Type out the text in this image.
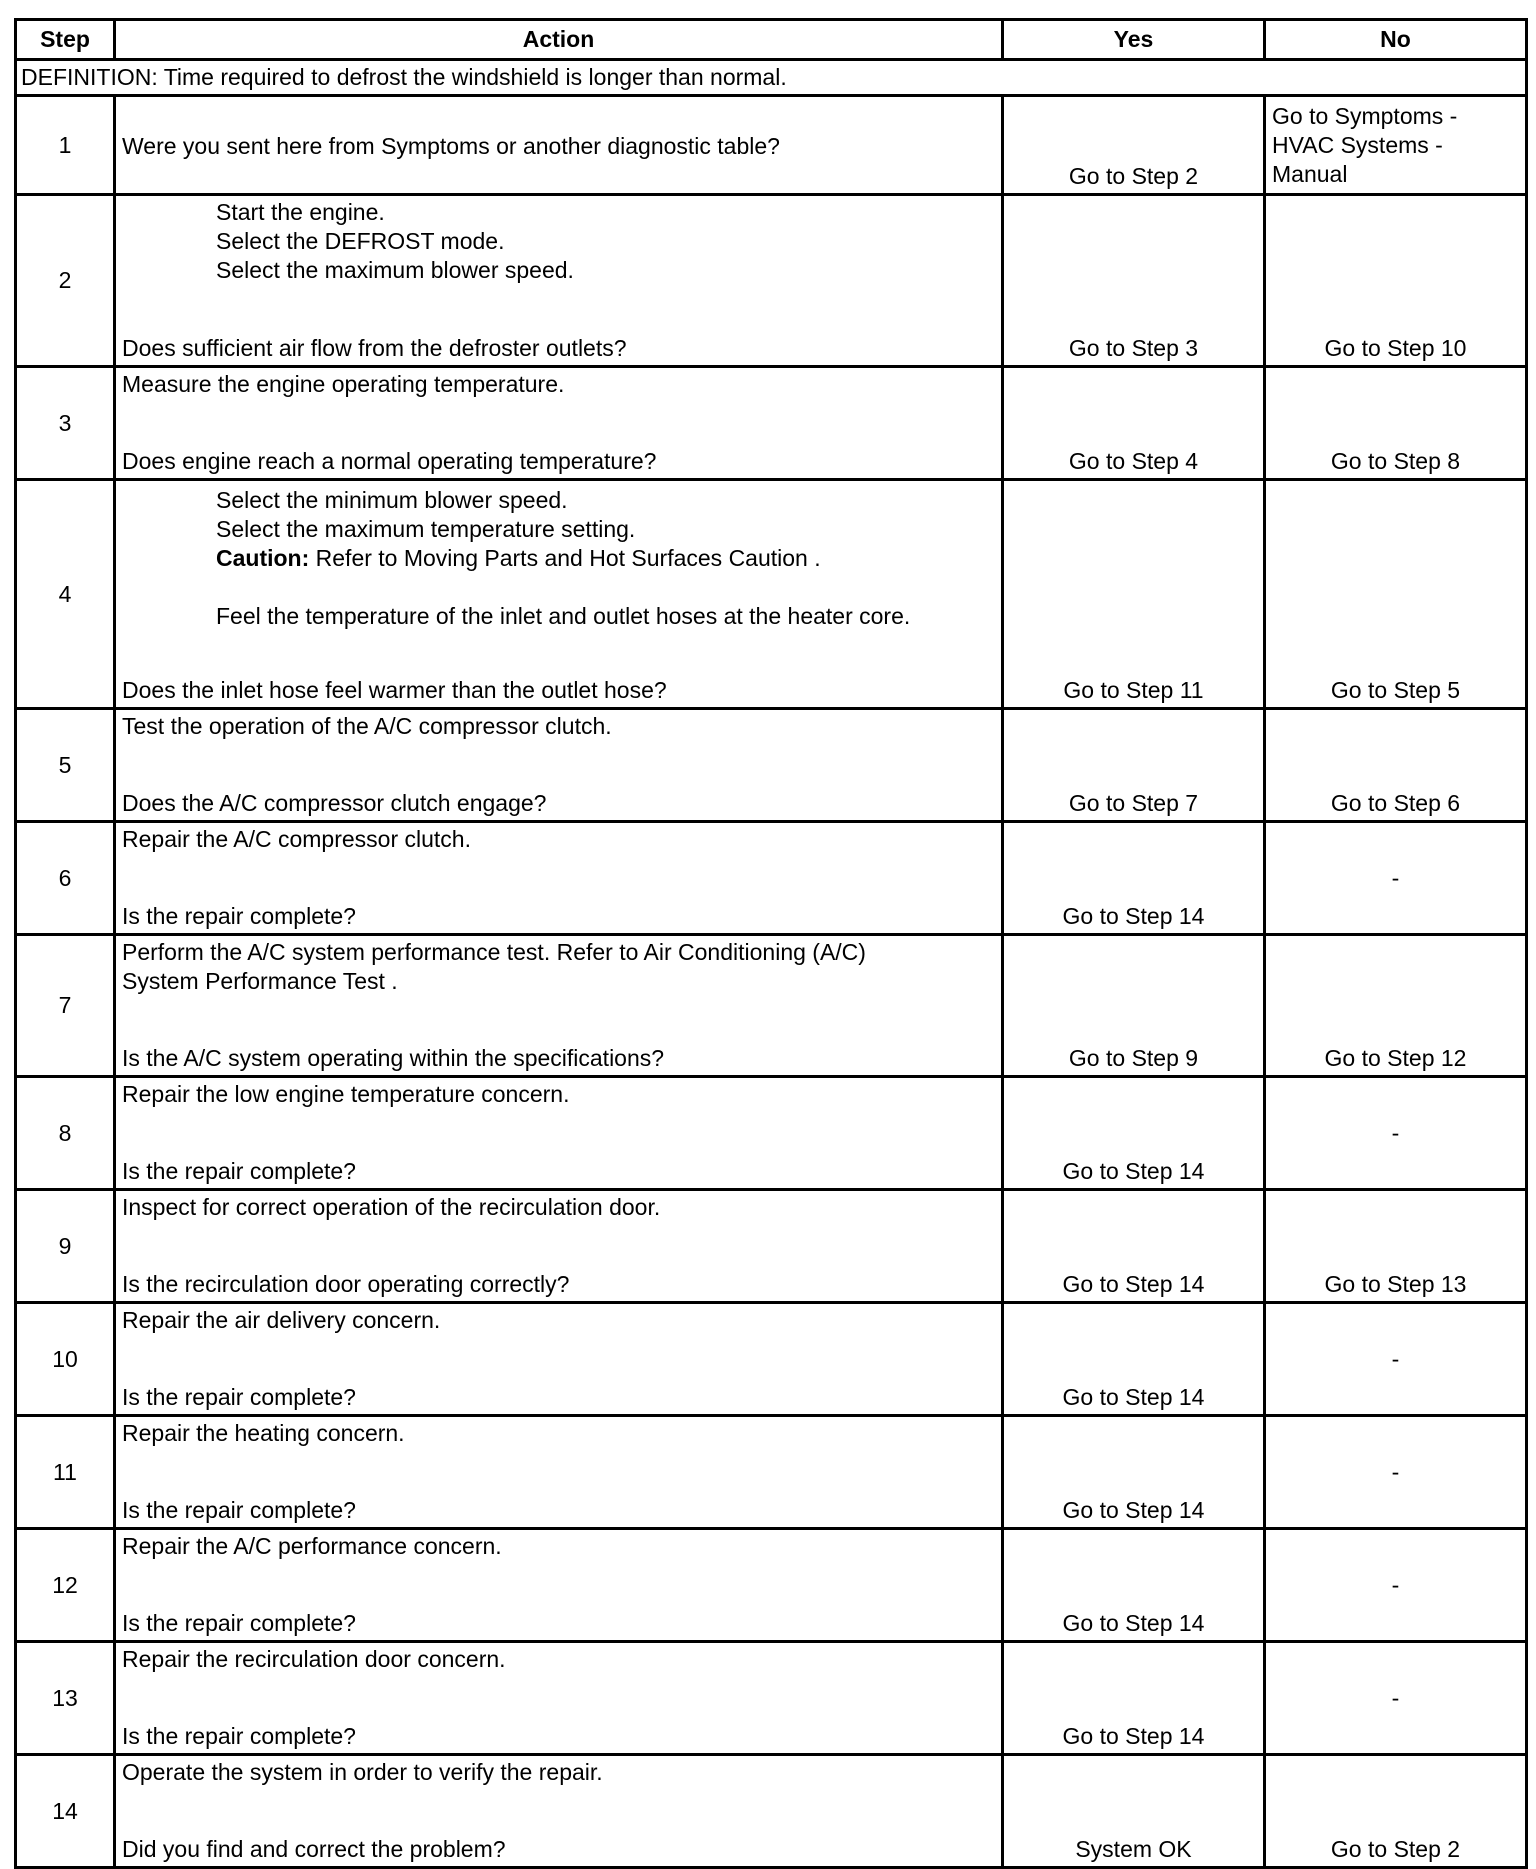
Step	Action	Yes	No
DEFINITION: Time required to defrost the windshield is longer than normal.			
1	Were you sent here from Symptoms or another diagnostic table?	Go to Step 2	Go to Symptoms -
HVAC Systems -
Manual

2	Start the engine.
Select the DEFROST mode.
Select the maximum blower speed.
Does sufficient air flow from the defroster outlets?	Go to Step 3	Go to Step 10

3	Measure the engine operating temperature.
Does engine reach a normal operating temperature?	Go to Step 4	Go to Step 8

4	Select the minimum blower speed.
Select the maximum temperature setting.
Caution: Refer to Moving Parts and Hot Surfaces Caution .
Feel the temperature of the inlet and outlet hoses at the heater core.
Does the inlet hose feel warmer than the outlet hose?	Go to Step 11	Go to Step 5

5	Test the operation of the A/C compressor clutch.
Does the A/C compressor clutch engage?	Go to Step 7	Go to Step 6

6	Repair the A/C compressor clutch.
Is the repair complete?	Go to Step 14	-
7	Perform the A/C system performance test. Refer to Air Conditioning (A/C)
System Performance Test .
Is the A/C system operating within the specifications?	Go to Step 9	Go to Step 12

8	Repair the low engine temperature concern.
Is the repair complete?	Go to Step 14	-
9	Inspect for correct operation of the recirculation door.
Is the recirculation door operating correctly?	Go to Step 14	Go to Step 13

10	Repair the air delivery concern.
Is the repair complete?	Go to Step 14	-
11	Repair the heating concern.
Is the repair complete?	Go to Step 14	-
12	Repair the A/C performance concern.
Is the repair complete?	Go to Step 14	-
13	Repair the recirculation door concern.
Is the repair complete?	Go to Step 14	-
14	Operate the system in order to verify the repair.
Did you find and correct the problem?	System OK	Go to Step 2
